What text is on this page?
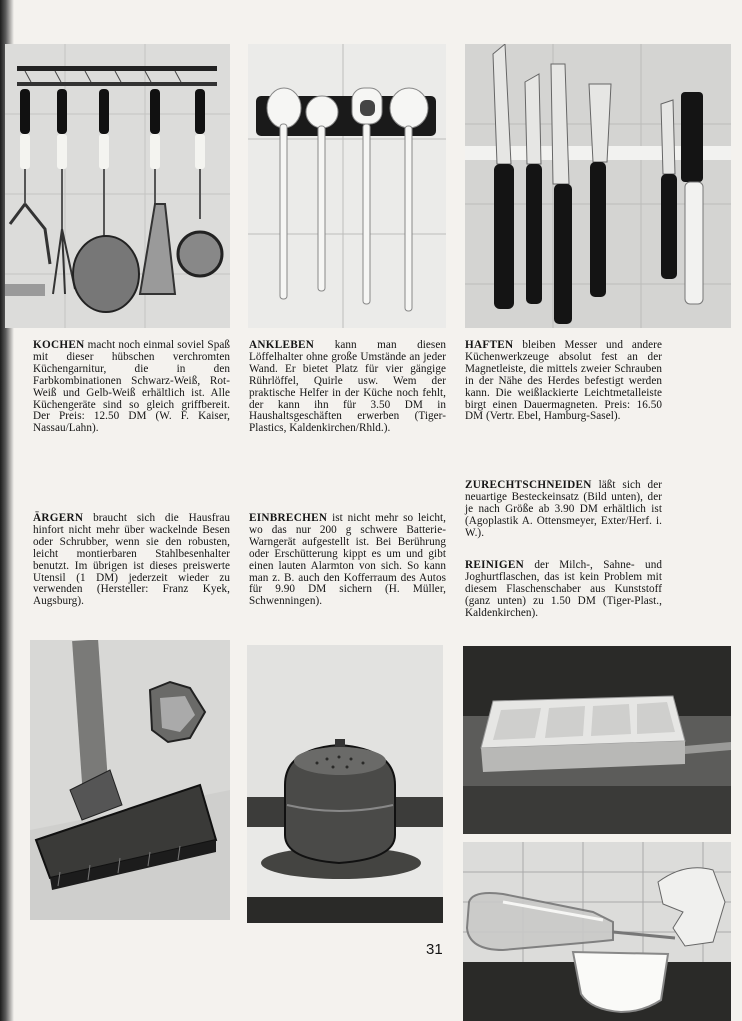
KOCHEN macht noch einmal soviel Spaß mit dieser hübschen verchromten Küchengarnitur, die in den Farbkombinationen Schwarz-Weiß, Rot-Weiß und Gelb-Weiß erhältlich ist. Alle Küchengeräte sind so gleich griffbereit. Der Preis: 12.50 DM (W. F. Kaiser, Nassau/Lahn).

ANKLEBEN kann man diesen Löffelhalter ohne große Umstände an jeder Wand. Er bietet Platz für vier gängige Rührlöffel, Quirle usw. Wem der praktische Helfer in der Küche noch fehlt, der kann ihn für 3.50 DM in Haushaltsgeschäften erwerben (Tiger-Plastics, Kaldenkirchen/Rhld.).

HAFTEN bleiben Messer und andere Küchenwerkzeuge absolut fest an der Magnetleiste, die mittels zweier Schrauben in der Nähe des Herdes befestigt werden kann. Die weißlackierte Leichtmetalleiste birgt einen Dauermagneten. Preis: 16.50 DM (Vertr. Ebel, Hamburg-Sasel).

ÄRGERN braucht sich die Hausfrau hinfort nicht mehr über wackelnde Besen oder Schrubber, wenn sie den robusten, leicht montierbaren Stahlbesenhalter benutzt. Im übrigen ist dieses preiswerte Utensil (1 DM) jederzeit wieder zu verwenden (Hersteller: Franz Kyek, Augsburg).

EINBRECHEN ist nicht mehr so leicht, wo das nur 200 g schwere Batterie-Warngerät aufgestellt ist. Bei Berührung oder Erschütterung kippt es um und gibt einen lauten Alarmton von sich. So kann man z. B. auch den Kofferraum des Autos für 9.90 DM sichern (H. Müller, Schwenningen).

ZURECHTSCHNEIDEN läßt sich der neuartige Besteckeinsatz (Bild unten), der je nach Größe ab 3.90 DM erhältlich ist (Agoplastik A. Ottensmeyer, Exter/Herf. i. W.).

REINIGEN der Milch-, Sahne- und Joghurtflaschen, das ist kein Problem mit diesem Flaschenschaber aus Kunststoff (ganz unten) zu 1.50 DM (Tiger-Plast., Kaldenkirchen).

31
